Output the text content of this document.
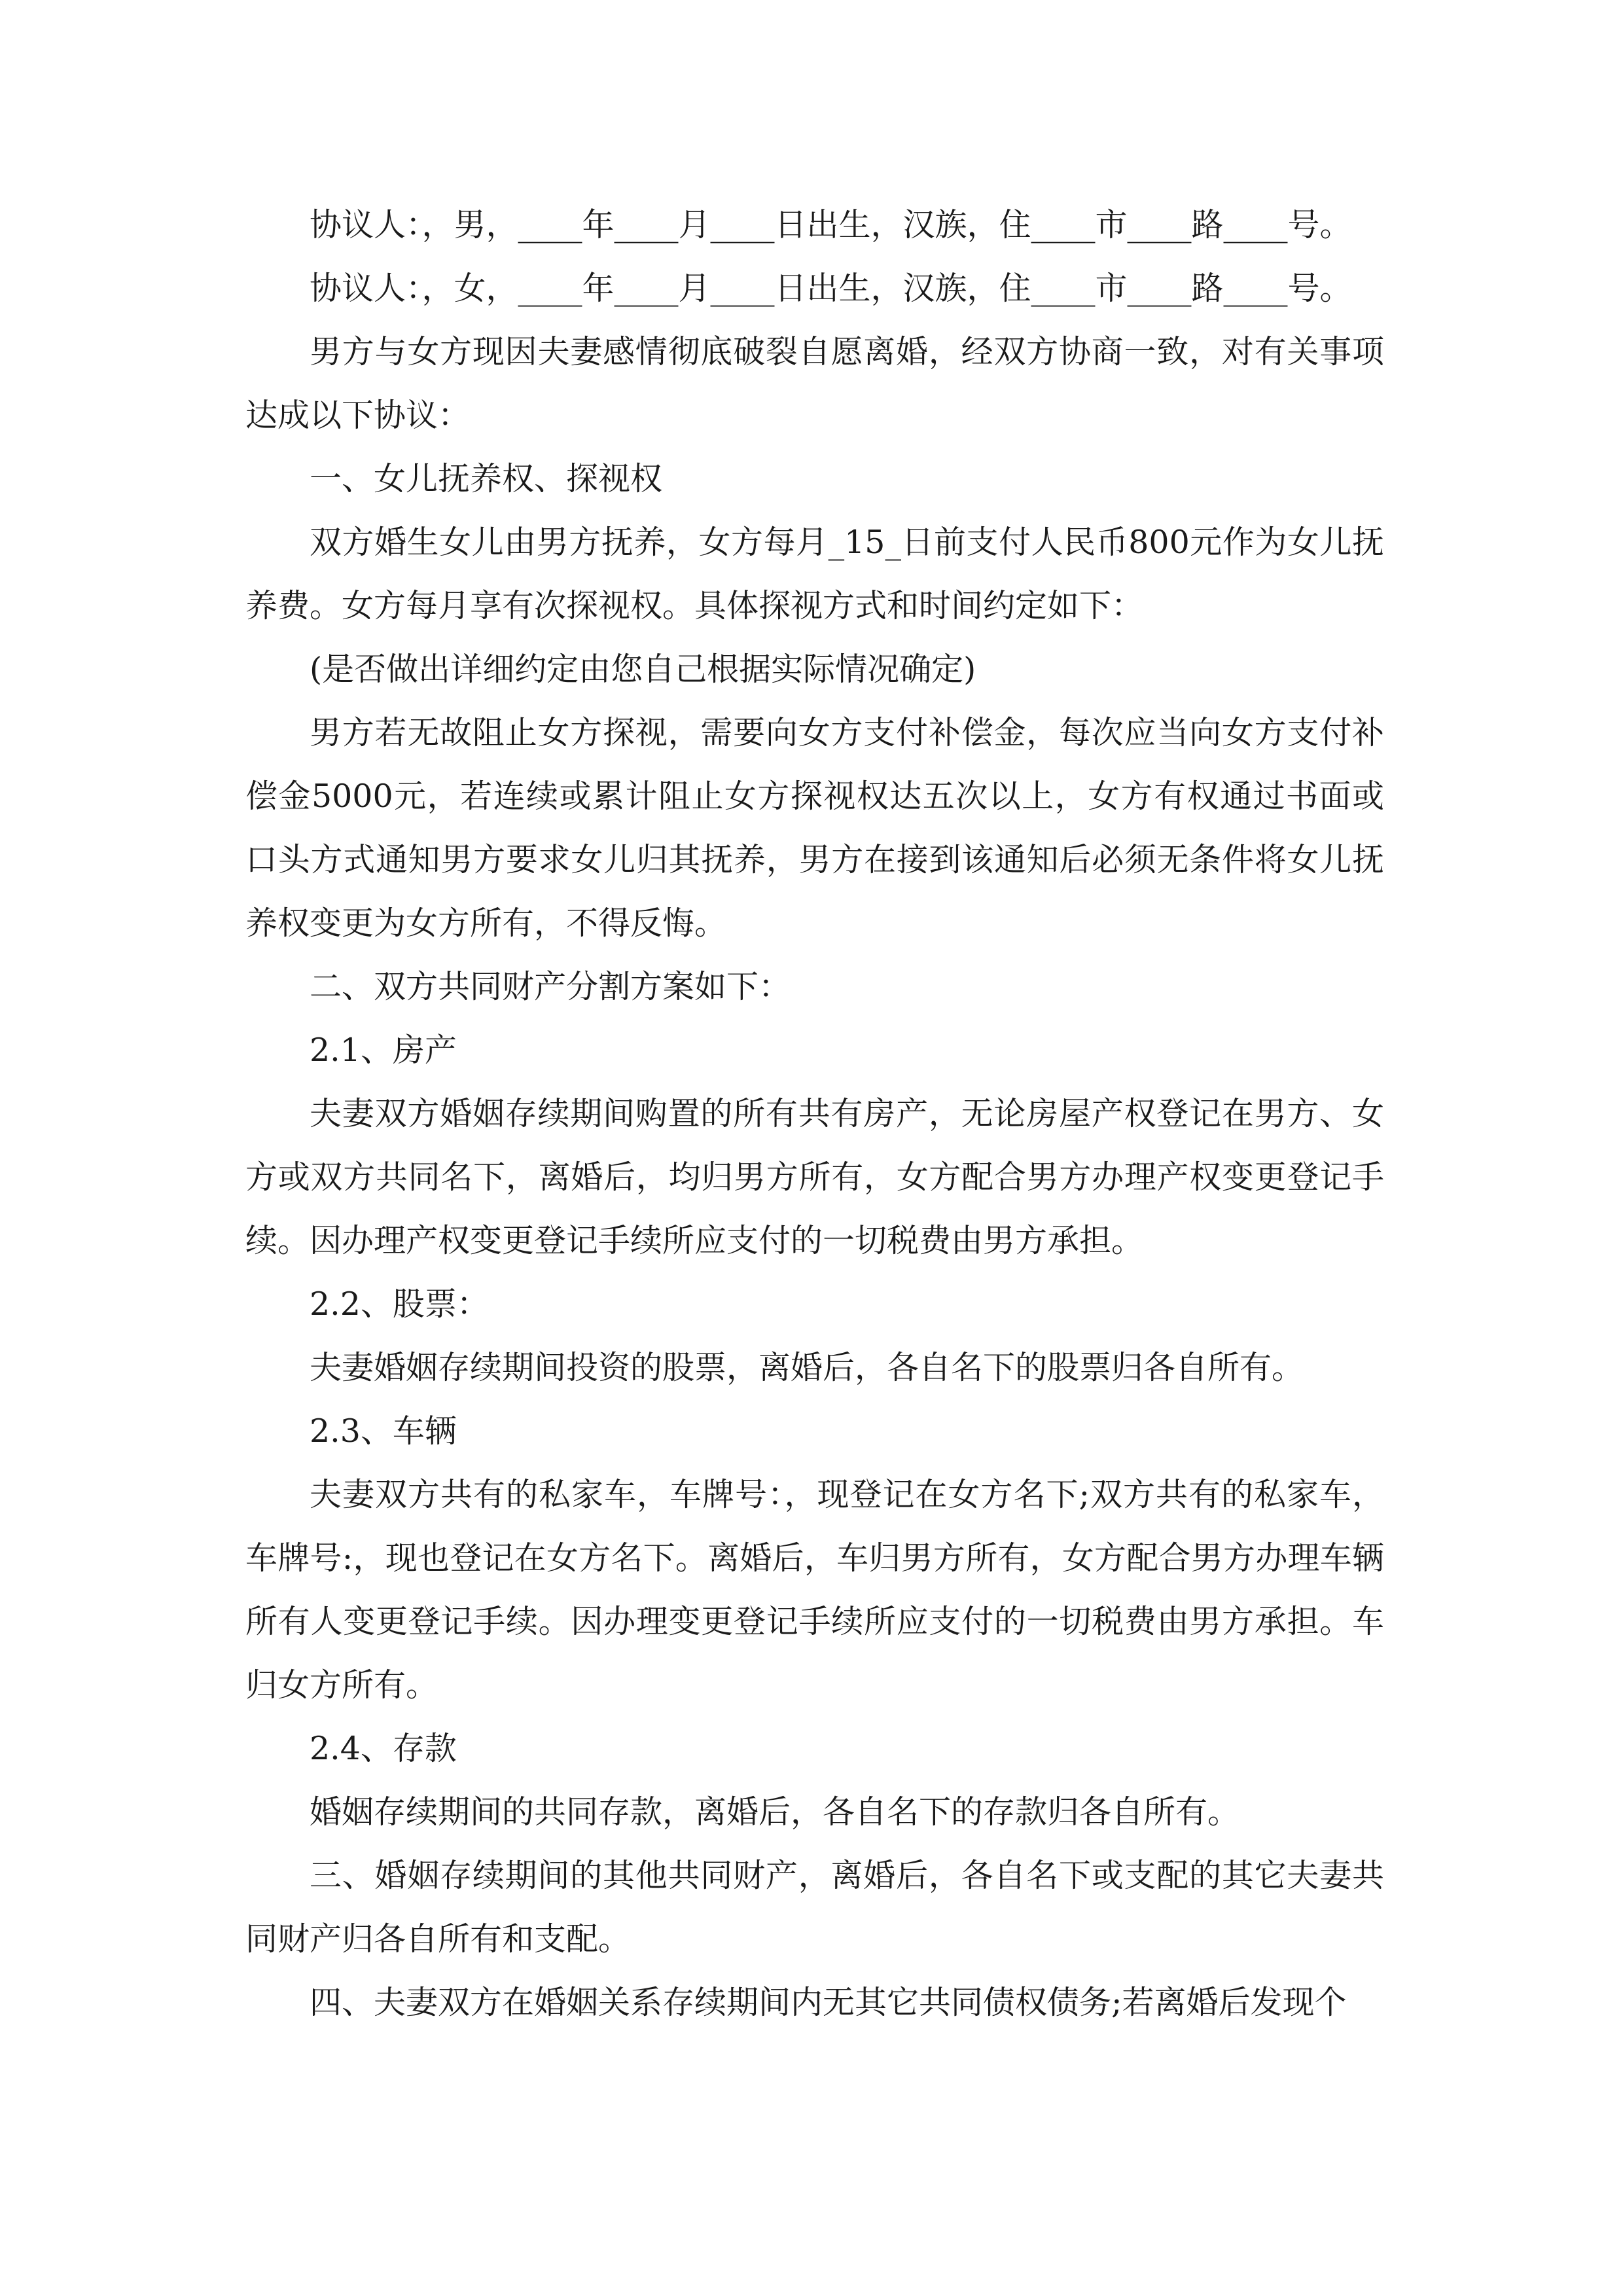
协议人：，男，____年____月____日出生，汉族，住____市____路____号。

协议人：，女，____年____月____日出生，汉族，住____市____路____号。

男方与女方现因夫妻感情彻底破裂自愿离婚，经双方协商一致，对有关事项达成以下协议：

一、女儿抚养权、探视权

双方婚生女儿由男方抚养，女方每月_15_日前支付人民币800元作为女儿抚养费。女方每月享有次探视权。具体探视方式和时间约定如下：

(是否做出详细约定由您自己根据实际情况确定)

男方若无故阻止女方探视，需要向女方支付补偿金，每次应当向女方支付补偿金5000元，若连续或累计阻止女方探视权达五次以上，女方有权通过书面或口头方式通知男方要求女儿归其抚养，男方在接到该通知后必须无条件将女儿抚养权变更为女方所有，不得反悔。

二、双方共同财产分割方案如下：

2.1、房产

夫妻双方婚姻存续期间购置的所有共有房产，无论房屋产权登记在男方、女方或双方共同名下，离婚后，均归男方所有，女方配合男方办理产权变更登记手续。因办理产权变更登记手续所应支付的一切税费由男方承担。

2.2、股票：

夫妻婚姻存续期间投资的股票，离婚后，各自名下的股票归各自所有。

2.3、车辆

夫妻双方共有的私家车，车牌号：，现登记在女方名下;双方共有的私家车，车牌号:，现也登记在女方名下。离婚后，车归男方所有，女方配合男方办理车辆所有人变更登记手续。因办理变更登记手续所应支付的一切税费由男方承担。车归女方所有。

2.4、存款

婚姻存续期间的共同存款，离婚后，各自名下的存款归各自所有。

三、婚姻存续期间的其他共同财产，离婚后，各自名下或支配的其它夫妻共同财产归各自所有和支配。

四、夫妻双方在婚姻关系存续期间内无其它共同债权债务;若离婚后发现个
